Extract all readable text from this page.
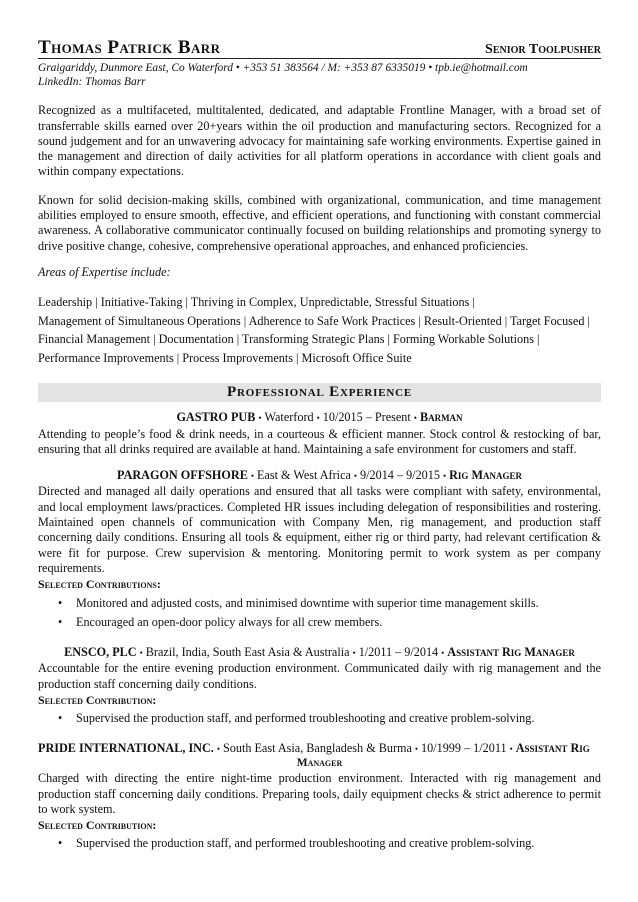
Thomas Patrick Barr	Senior Toolpusher
Graigariddy, Dunmore East, Co Waterford • +353 51 383564 / M: +353 87 6335019 • tpb.ie@hotmail.com
LinkedIn: Thomas Barr

Recognized as a multifaceted, multitalented, dedicated, and adaptable Frontline Manager, with a broad set of transferrable skills earned over 20+years within the oil production and manufacturing sectors. Recognized for a sound judgement and for an unwavering advocacy for maintaining safe working environments. Expertise gained in the management and direction of daily activities for all platform operations in accordance with client goals and within company expectations.

Known for solid decision-making skills, combined with organizational, communication, and time management abilities employed to ensure smooth, effective, and efficient operations, and functioning with constant commercial awareness. A collaborative communicator continually focused on building relationships and promoting synergy to drive positive change, cohesive, comprehensive operational approaches, and enhanced proficiencies.

Areas of Expertise include:
Leadership | Initiative-Taking | Thriving in Complex, Unpredictable, Stressful Situations | Management of Simultaneous Operations | Adherence to Safe Work Practices | Result-Oriented | Target Focused | Financial Management | Documentation | Transforming Strategic Plans | Forming Workable Solutions | Performance Improvements | Process Improvements | Microsoft Office Suite
Professional Experience
GASTRO PUB • Waterford • 10/2015 – Present • Barman

Attending to people’s food & drink needs, in a courteous & efficient manner. Stock control & restocking of bar, ensuring that all drinks required are available at hand. Maintaining a safe environment for customers and staff.

PARAGON OFFSHORE • East & West Africa • 9/2014 – 9/2015 • Rig Manager

Directed and managed all daily operations and ensured that all tasks were compliant with safety, environmental, and local employment laws/practices. Completed HR issues including delegation of responsibilities and rostering. Maintained open channels of communication with Company Men, rig management, and production staff concerning daily conditions. Ensuring all tools & equipment, either rig or third party, had relevant certification & were fit for purpose. Crew supervision & mentoring. Monitoring permit to work system as per company requirements.

Selected Contributions:
• Monitored and adjusted costs, and minimised downtime with superior time management skills.
• Encouraged an open-door policy always for all crew members.
ENSCO, PLC • Brazil, India, South East Asia & Australia • 1/2011 – 9/2014 • Assistant Rig Manager

Accountable for the entire evening production environment. Communicated daily with rig management and the production staff concerning daily conditions.

Selected Contribution:
• Supervised the production staff, and performed troubleshooting and creative problem-solving.
PRIDE INTERNATIONAL, INC. • South East Asia, Bangladesh & Burma • 10/1999 – 1/2011 • Assistant Rig
Manager

Charged with directing the entire night-time production environment. Interacted with rig management and production staff concerning daily conditions. Preparing tools, daily equipment checks & strict adherence to permit to work system.

Selected Contribution:
• Supervised the production staff, and performed troubleshooting and creative problem-solving.
